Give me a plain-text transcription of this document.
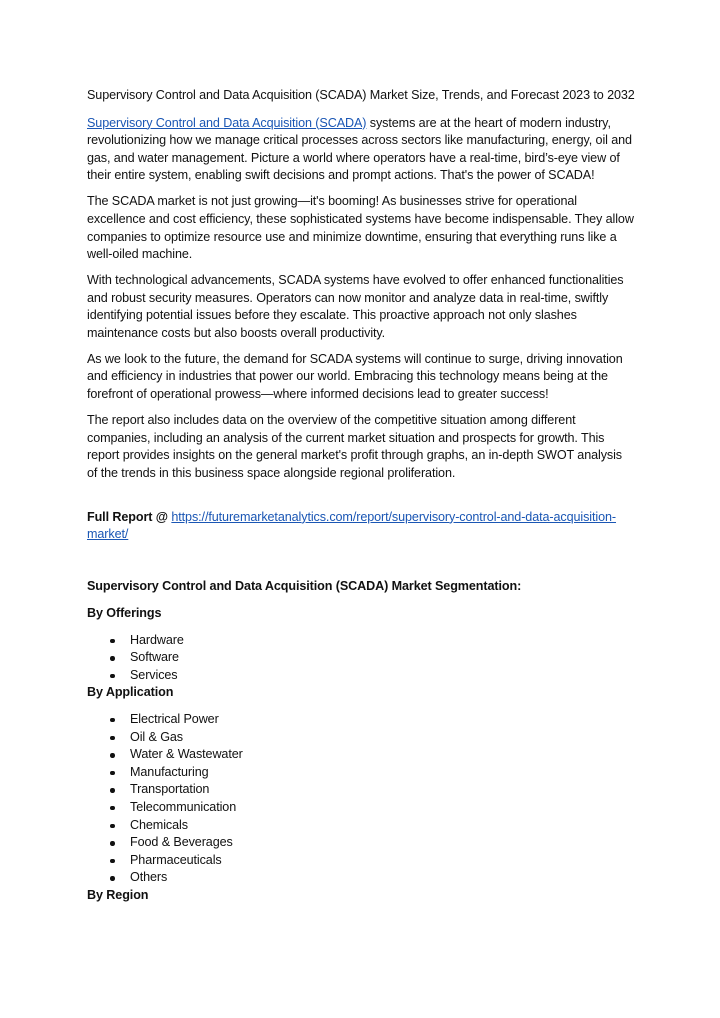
Supervisory Control and Data Acquisition (SCADA) Market Size, Trends, and Forecast 2023 to 2032

Supervisory Control and Data Acquisition (SCADA) systems are at the heart of modern industry, revolutionizing how we manage critical processes across sectors like manufacturing, energy, oil and gas, and water management. Picture a world where operators have a real-time, bird’s-eye view of their entire system, enabling swift decisions and prompt actions. That's the power of SCADA!

The SCADA market is not just growing—it's booming! As businesses strive for operational excellence and cost efficiency, these sophisticated systems have become indispensable. They allow companies to optimize resource use and minimize downtime, ensuring that everything runs like a well-oiled machine.

With technological advancements, SCADA systems have evolved to offer enhanced functionalities and robust security measures. Operators can now monitor and analyze data in real-time, swiftly identifying potential issues before they escalate. This proactive approach not only slashes maintenance costs but also boosts overall productivity.

As we look to the future, the demand for SCADA systems will continue to surge, driving innovation and efficiency in industries that power our world. Embracing this technology means being at the forefront of operational prowess—where informed decisions lead to greater success!

The report also includes data on the overview of the competitive situation among different companies, including an analysis of the current market situation and prospects for growth. This report provides insights on the general market's profit through graphs, an in-depth SWOT analysis of the trends in this business space alongside regional proliferation.

Full Report @ https://futuremarketanalytics.com/report/supervisory-control-and-data-acquisition-market/

Supervisory Control and Data Acquisition (SCADA) Market Segmentation:

By Offerings
Hardware
Software
Services
By Application
Electrical Power
Oil & Gas
Water & Wastewater
Manufacturing
Transportation
Telecommunication
Chemicals
Food & Beverages
Pharmaceuticals
Others
By Region
